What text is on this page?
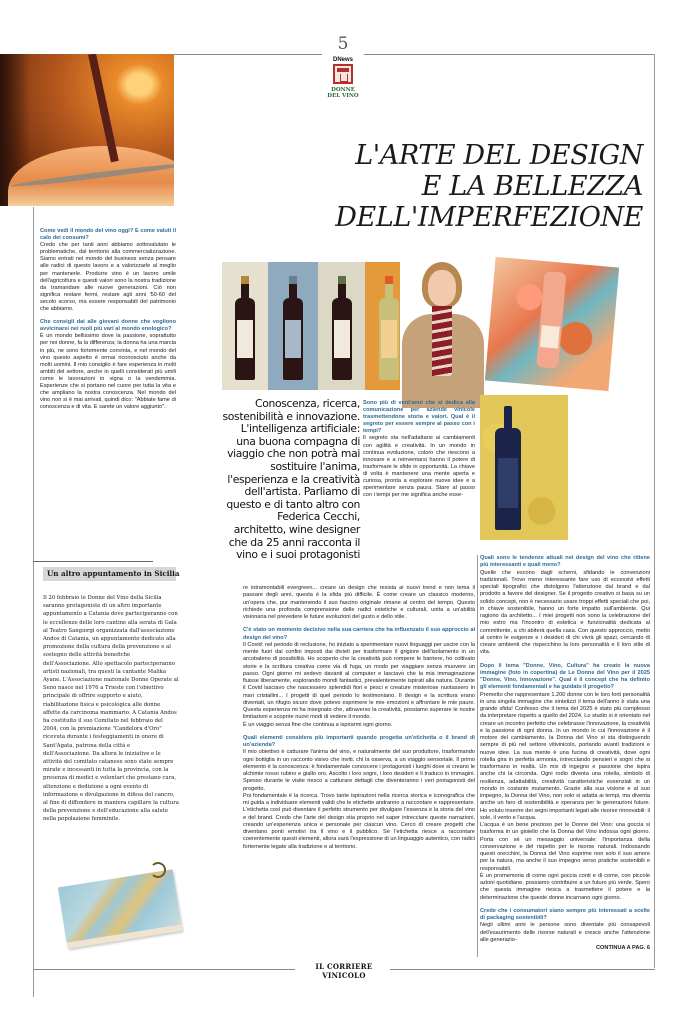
5
DNews
DONNE DEL VINO
L'ARTE DEL DESIGN
E LA BELLEZZA
DELL'IMPERFEZIONE

Come vedi il mondo del vino oggi? E come valuti il calo dei consumi?

Credo che per tanti anni abbiamo sottovalutato le problematiche, dal territorio alla commercializzazione. Siamo entrati nel mondo del business senza pensare alle radici di questo lavoro e a valorizzarle al meglio per mantenerle. Produrre vino è un lavoro umile dell'agricoltura e questi valori sono la nostra tradizione da tramandare alle nuove generazioni. Ciò non significa restare fermi, restare agli anni '50-60 del secolo scorso, ma essere responsabili del patrimonio che abbiamo.

Che consigli dai alle giovani donne che vogliono avvicinarsi nei ruoli più vari al mondo enologico?

È un mondo bellissimo dove la passione, soprattutto per noi donne, fa la differenza; la donna ha una marcia in più, ne sono fortemente convinta, e nel mondo del vino questo aspetto è ormai riconosciuto anche da molti uomini. Il mio consiglio è fare esperienza in molti ambiti del settore, anche in quelli considerati più umili come le lavorazioni in vigna o la vendemmia. Esperienze che si portano nel cuore per tutta la vita e che ampliano la nostra conoscenza. Nel mondo del vino non si è mai arrivati, quindi dico: "Abbiate fame di conoscenza e di vita. E sarete un valore aggiunto".

Un altro appuntamento in Sicilia
Il 20 febbraio le Donne del Vino della Sicilia saranno protagoniste di un altro importante appuntamento a Catania dove parteciperanno con le eccellenze delle loro cantine alla serata di Gala al Teatro Sangiorgi organizzata dall'associazione Andos di Catania, un appuntamento dedicato alla promozione della cultura della prevenzione e al sostegno delle attività benefiche dell'Associazione. Allo spettacolo parteciperanno artisti nazionali, tra questi la cantante Malika Ayane. L'Associazione nazionale Donne Operate al Seno nasce nel 1976 a Trieste con l'obiettivo principale di offrire supporto e aiuto, riabilitazione fisica e psicologica alle donne affette da carcinoma mammario. A Catania Andos ha costituito il suo Comitato nel febbraio del 2004, con la premiazione "Candelora d'Oro" ricevuta durante i festeggiamenti in onore di Sant'Agata, patrona della città e dell'Associazione. Da allora le iniziative e le attività del comitato catanese sono state sempre mirate e incessanti in tutta la provincia, con la presenza di medici e volontari che prestano cura, attenzione e dedizione a ogni evento di informazione e divulgazione in difesa del cancro, al fine di diffondere in maniera capillare la cultura della prevenzione e dell'educazione alla salute nella popolazione femminile.

Conoscenza, ricerca, sostenibilità e innovazione. L'intelligenza artificiale: una buona compagna di viaggio che non potrà mai sostituire l'anima, l'esperienza e la creatività dell'artista. Parliamo di questo e di tanto altro con Federica Cecchi, architetto, wine designer che da 25 anni racconta il vino e i suoi protagonisti

Sono più di vent'anni che si dedica alla comunicazione per aziende vinicole trasmettendone storia e valori. Qual è il segreto per essere sempre al passo con i tempi?

Il segreto sta nell'adattarsi ai cambiamenti con agilità e creatività. In un mondo in continua evoluzione, coloro che riescono a innovare e a reinventarsi hanno il potere di trasformare le sfide in opportunità. La chiave di volta è mantenere una mente aperta e curiosa, pronta a esplorare nuove idee e a sperimentare senza paura. Stare al passo con i tempi per me significa anche esse-

re intramontabili evergreen... creare un design che resista ai nuovi trend e non tema il passare degli anni, questa è la sfida più difficile. È come creare un classico moderno, un'opera che, pur mantenendo il suo fascino originale rimane al centro del tempo. Questo richiede una profonda comprensione delle radici estetiche e culturali, unita a un'abilità visionaria nel prevedere le future evoluzioni del gusto e dello stile.

C'è stato un momento decisivo nella sua carriera che ha influenzato il suo approccio al design del vino?

Il Covid: nel periodo di reclusione, ho iniziato a sperimentare nuovi linguaggi per uscire con la mente fuori dai confini imposti dai divieti per trasformare il grigiore dell'isolamento in un arcobaleno di possibilità. Ho scoperto che la creatività può rompere le barriere, ho coltivato storie e la scrittura creativa come via di fuga, un modo per viaggiare senza muovere un passo. Ogni giorno mi sedevo davanti al computer e lasciavo che la mia immaginazione fluisse liberamente, esplorando mondi fantastici, prevalentemente ispirati alla natura. Durante il Covid lasciavo che nascessero splendidi fiori e pesci e creature misteriose nuotassero in mari cristallini... I progetti di quel periodo lo testimoniano. Il design e la scrittura erano diventati, un rifugio sicuro dove potevo esprimere le mie emozioni e affrontare le mie paure. Questa esperienza mi ha insegnato che, attraverso la creatività, possiamo superare le nostre limitazioni e scoprire nuovi modi di vedere il mondo.

È un viaggio senza fine che continua a ispirarmi ogni giorno.

Quali elementi considera più importanti quando progetta un'etichetta o il brand di un'azienda?

Il mio obiettivo è catturare l'anima del vino, e naturalmente del suo produttore, trasformando ogni bottiglia in un racconto visivo che inviti, chi la osserva, a un viaggio sensoriale. Il primo elemento è la conoscenza: è fondamentale conoscere i protagonisti i luoghi dove si creano le alchimie rosso rubino e giallo oro. Ascolto i loro sogni, i loro desideri e li traduco in immagini. Spesso durante le visite riesco a catturare dettagli che diventeranno i veri protagonisti del progetto.

Poi fondamentale è la ricerca. Trovo tante ispirazioni nella ricerca storica e iconografica che mi guida a individuare elementi validi che le etichette andranno a raccontare e rappresentare. L'etichetta così può diventare il perfetto strumento per divulgare l'essenza e la storia del vino e del brand. Credo che l'arte del design stia proprio nel saper intrecciare queste narrazioni, creando un'esperienza unica e personale per ciascun vino. Cerco di creare progetti che diventano ponti emotivi tra il vino e il pubblico. Se l'etichetta riesce a raccontare coerentemente questi elementi, allora sarà l'espressione di un linguaggio autentico, con radici fortemente legate alla tradizione e al territorio.

Quali sono le tendenze attuali nel design del vino che ritiene più interessanti e quali meno?

Quelle che escono dagli schemi, sfidando le convenzioni tradizionali. Trovo meno interessante fare uso di eccessivi effetti speciali tipografici che distolgono l'attenzione dal brand e dal prodotto a favore del designer. Se il progetto creativo si basa su un solido concept, non è necessario usare troppi effetti speciali che poi, in chiave sostenibile, hanno un forte impatto sull'ambiente. Qui ragiono da architetto... I miei progetti non sono la celebrazione del mio estro ma l'incontro di estetica e funzionalità dedicata al committente, a chi abiterà quella casa. Con questo approccio, metto al centro le esigenze e i desideri di chi vivrà gli spazi, cercando di creare ambienti che rispecchino la loro personalità e il loro stile di vita.

Dopo il tema "Donne, Vino, Cultura" ha creato la nuova immagine (foto in copertina) de Le Donne del Vino per il 2025 "Donne, Vino, Innovazione". Qual è il concept che ha definito gli elementi fondamentali e ha guidato il progetto?

Premetto che rappresentare 1.200 donne con le loro forti personalità in una singola immagine che sintetizzi il tema dell'anno è stata una grande sfida! Confesso che il tema del 2025 è stato più complesso da interpretare rispetto a quello del 2024. Lo studio si è orientato nel creare un incontro perfetto che celebrasse l'innovazione, la creatività e la passione di ogni donna. In un mondo in cui l'innovazione è il motore del cambiamento, la Donna del Vino si sta distinguendo sempre di più nel settore vitivinicolo, portando avanti tradizioni e nuove idee. La sua mente è una fucina di creatività, dove ogni rotella gira in perfetta armonia, intrecciando pensieri e sogni che si trasformano in realtà. Un mix di ingegno e passione che ispira anche chi la circonda. Ogni rodio diventa una rotella, simbolo di resilienza, adattabilità, creatività caratteristiche essenziali in un mondo in costante mutamento. Grazie alla sua visione e al suo impegno, la Donna del Vino, non solo si adatta ai tempi, ma diventa anche un faro di sostenibilità e speranza per le generazioni future. Ho voluto inserire dei segni importanti legati alle risorse rinnovabili: il sole, il vento e l'acqua.

L'acqua è un bene prezioso per le Donne del Vino: una goccia si trasforma in un gioiello che la Donna del Vino indossa ogni giorno. Porta con sé un messaggio universale: l'importanza della conservazione e del rispetto per le risorse naturali. Indossando questi orecchini, la Donna del Vino esprime non solo il suo amore per la natura, ma anche il suo impegno verso pratiche sostenibili e responsabili.

È un promemoria di come ogni goccia conti e di come, con piccole azioni quotidiane, possiamo contribuire a un futuro più verde. Spero che questa immagine riesca a trasmettere il potere e la determinazione che queste donne incarnano ogni giorno.

Crede che i consumatori siano sempre più interessati a scelte di packaging sostenibili?

Negli ultimi anni le persone sono diventate più consapevoli dell'esaurimento delle risorse naturali e cresce anche l'attenzione alle generazio-

CONTINUA A PAG. 6

IL CORRIERE VINICOLO
